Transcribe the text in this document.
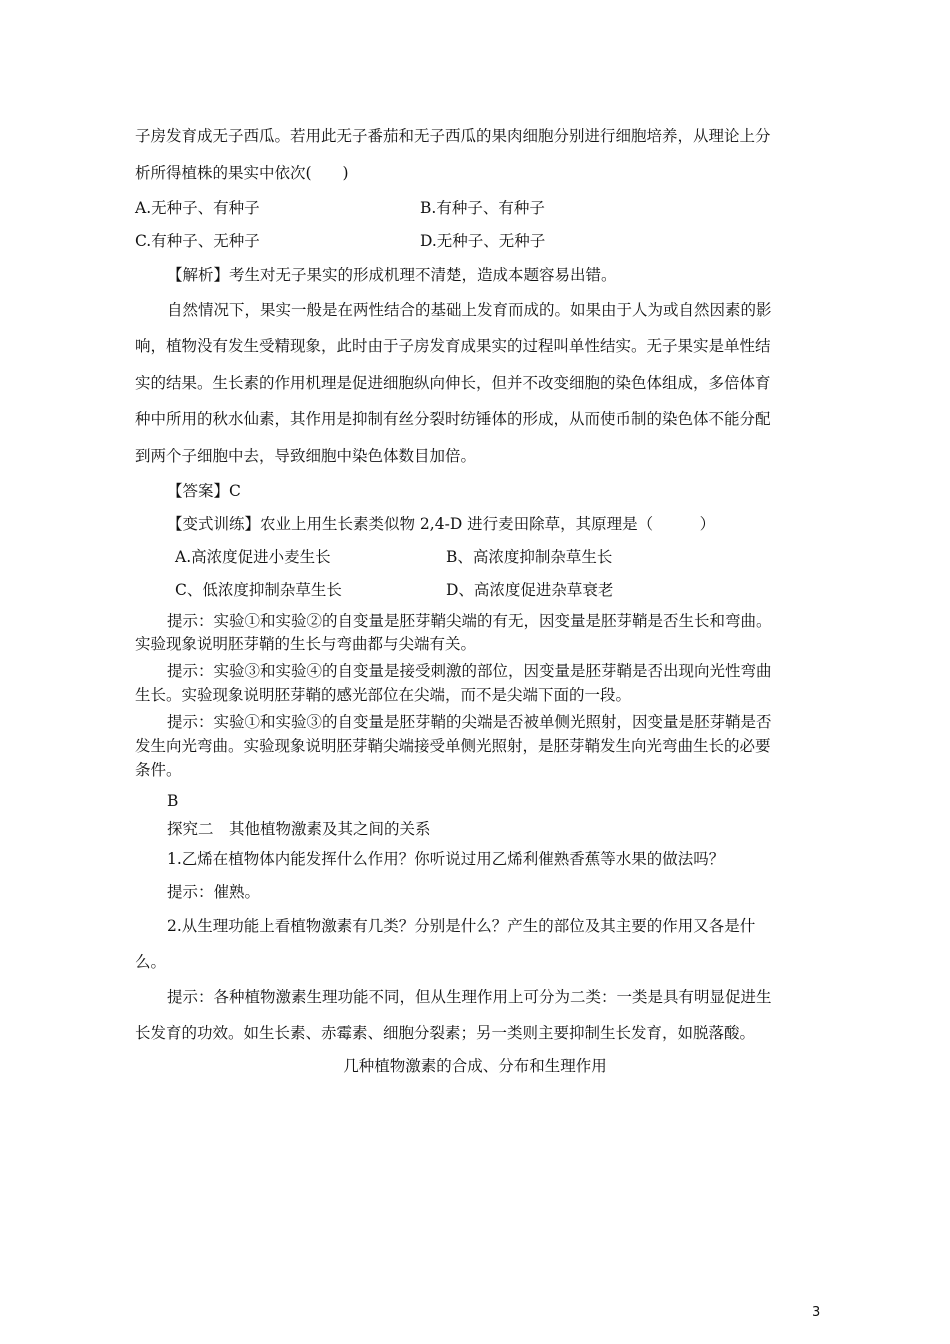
子房发育成无子西瓜。若用此无子番茄和无子西瓜的果肉细胞分别进行细胞培养，从理论上分
析所得植株的果实中依次(　　)
A.无种子、有种子	B.有种子、有种子
C.有种子、无种子	D.无种子、无种子
【解析】考生对无子果实的形成机理不清楚，造成本题容易出错。
自然情况下，果实一般是在两性结合的基础上发育而成的。如果由于人为或自然因素的影
响，植物没有发生受精现象，此时由于子房发育成果实的过程叫单性结实。无子果实是单性结
实的结果。生长素的作用机理是促进细胞纵向伸长，但并不改变细胞的染色体组成，多倍体育
种中所用的秋水仙素，其作用是抑制有丝分裂时纺锤体的形成，从而使币制的染色体不能分配
到两个子细胞中去，导致细胞中染色体数目加倍。
【答案】C
【变式训练】农业上用生长素类似物 2,4-D 进行麦田除草，其原理是（　　　）
A.高浓度促进小麦生长	B、高浓度抑制杂草生长
C、低浓度抑制杂草生长	D、高浓度促进杂草衰老
提示：实验①和实验②的自变量是胚芽鞘尖端的有无，因变量是胚芽鞘是否生长和弯曲。
实验现象说明胚芽鞘的生长与弯曲都与尖端有关。
提示：实验③和实验④的自变量是接受刺激的部位，因变量是胚芽鞘是否出现向光性弯曲
生长。实验现象说明胚芽鞘的感光部位在尖端，而不是尖端下面的一段。
提示：实验①和实验③的自变量是胚芽鞘的尖端是否被单侧光照射，因变量是胚芽鞘是否
发生向光弯曲。实验现象说明胚芽鞘尖端接受单侧光照射，是胚芽鞘发生向光弯曲生长的必要
条件。
B
探究二　其他植物激素及其之间的关系
1.乙烯在植物体内能发挥什么作用？你听说过用乙烯利催熟香蕉等水果的做法吗？
提示：催熟。
2.从生理功能上看植物激素有几类？分别是什么？产生的部位及其主要的作用又各是什
么。
提示：各种植物激素生理功能不同，但从生理作用上可分为二类：一类是具有明显促进生
长发育的功效。如生长素、赤霉素、细胞分裂素；另一类则主要抑制生长发育，如脱落酸。
几种植物激素的合成、分布和生理作用
3
